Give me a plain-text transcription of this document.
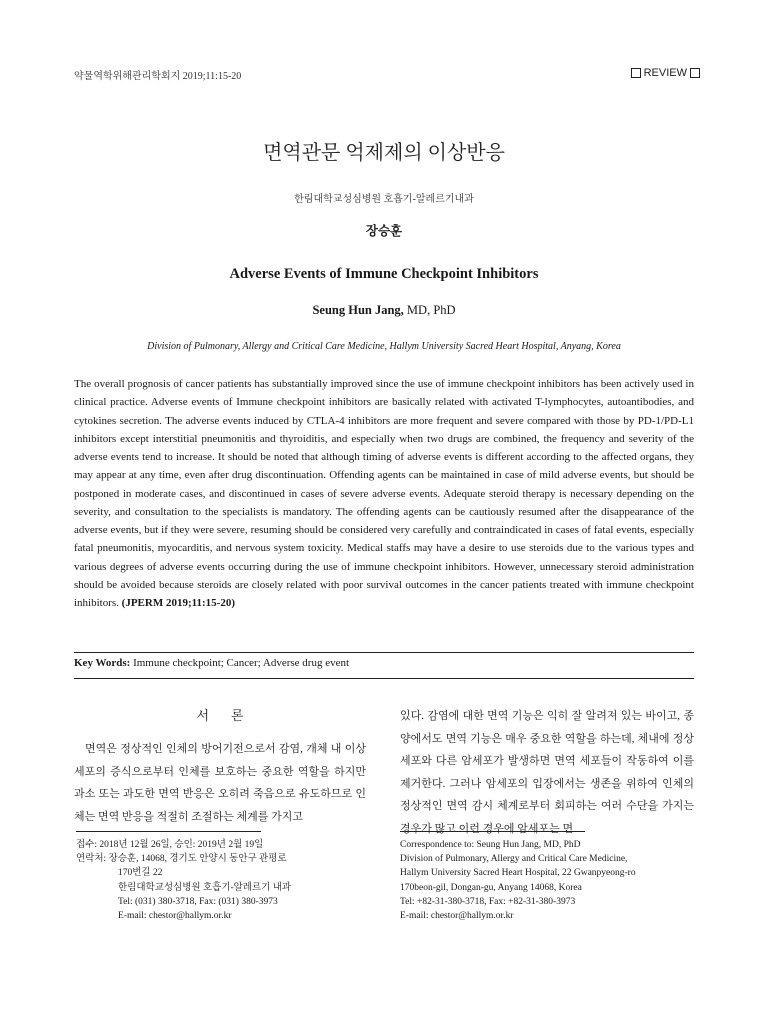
약물역학위해관리학회지 2019;11:15-20	REVIEW
면역관문 억제제의 이상반응
한림대학교성심병원 호흡기-알레르기내과
장승훈
Adverse Events of Immune Checkpoint Inhibitors
Seung Hun Jang, MD, PhD
Division of Pulmonary, Allergy and Critical Care Medicine, Hallym University Sacred Heart Hospital, Anyang, Korea

The overall prognosis of cancer patients has substantially improved since the use of immune checkpoint inhibitors has been actively used in clinical practice. Adverse events of Immune checkpoint inhibitors are basically related with activated T-lymphocytes, autoantibodies, and cytokines secretion. The adverse events induced by CTLA-4 inhibitors are more frequent and severe compared with those by PD-1/PD-L1 inhibitors except interstitial pneumonitis and thyroiditis, and especially when two drugs are combined, the frequency and severity of the adverse events tend to increase. It should be noted that although timing of adverse events is different according to the affected organs, they may appear at any time, even after drug discontinuation. Offending agents can be maintained in case of mild adverse events, but should be postponed in moderate cases, and discontinued in cases of severe adverse events. Adequate steroid therapy is necessary depending on the severity, and consultation to the specialists is mandatory. The offending agents can be cautiously resumed after the disappearance of the adverse events, but if they were severe, resuming should be considered very carefully and contraindicated in cases of fatal events, especially fatal pneumonitis, myocarditis, and nervous system toxicity. Medical staffs may have a desire to use steroids due to the various types and various degrees of adverse events occurring during the use of immune checkpoint inhibitors. However, unnecessary steroid administration should be avoided because steroids are closely related with poor survival outcomes in the cancer patients treated with immune checkpoint inhibitors. (JPERM 2019;11:15-20)

Key Words: Immune checkpoint; Cancer; Adverse drug event
서론

면역은 정상적인 인체의 방어기전으로서 감염, 개체 내 이상 세포의 증식으로부터 인체를 보호하는 중요한 역할을 하지만 과소 또는 과도한 면역 반응은 오히려 죽음으로 유도하므로 인체는 면역 반응을 적절히 조절하는 체계를 가지고

있다. 감염에 대한 면역 기능은 익히 잘 알려져 있는 바이고, 종양에서도 면역 기능은 매우 중요한 역할을 하는데, 체내에 정상 세포와 다른 암세포가 발생하면 면역 세포들이 작동하여 이를 제거한다. 그러나 암세포의 입장에서는 생존을 위하여 인체의 정상적인 면역 감시 체계로부터 회피하는 여러 수단을 가지는 경우가 많고 이런 경우에 암세포는 면

접수: 2018년 12월 26일, 승인: 2019년 2월 19일
연락처: 장승훈, 14068, 경기도 안양시 동안구 관평로
170번길 22
한림대학교성심병원 호흡기-알레르기 내과
Tel: (031) 380-3718, Fax: (031) 380-3973
E-mail: chestor@hallym.or.kr
Correspondence to: Seung Hun Jang, MD, PhD
Division of Pulmonary, Allergy and Critical Care Medicine,
Hallym University Sacred Heart Hospital, 22 Gwanpyeong-ro
170beon-gil, Dongan-gu, Anyang 14068, Korea
Tel: +82-31-380-3718, Fax: +82-31-380-3973
E-mail: chestor@hallym.or.kr
